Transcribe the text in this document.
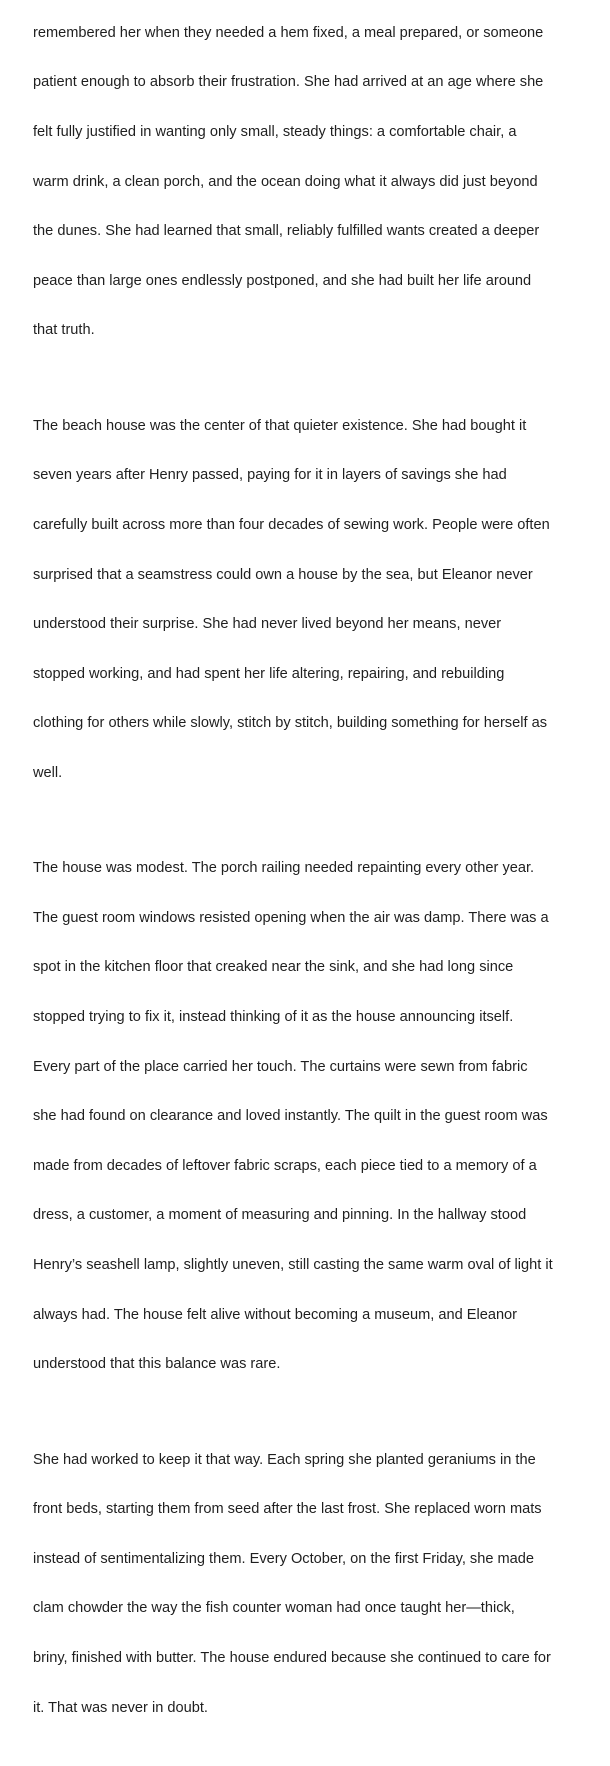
remembered her when they needed a hem fixed, a meal prepared, or someone

patient enough to absorb their frustration. She had arrived at an age where she

felt fully justified in wanting only small, steady things: a comfortable chair, a

warm drink, a clean porch, and the ocean doing what it always did just beyond

the dunes. She had learned that small, reliably fulfilled wants created a deeper

peace than large ones endlessly postponed, and she had built her life around

that truth.

The beach house was the center of that quieter existence. She had bought it

seven years after Henry passed, paying for it in layers of savings she had

carefully built across more than four decades of sewing work. People were often

surprised that a seamstress could own a house by the sea, but Eleanor never

understood their surprise. She had never lived beyond her means, never

stopped working, and had spent her life altering, repairing, and rebuilding

clothing for others while slowly, stitch by stitch, building something for herself as

well.

The house was modest. The porch railing needed repainting every other year.

The guest room windows resisted opening when the air was damp. There was a

spot in the kitchen floor that creaked near the sink, and she had long since

stopped trying to fix it, instead thinking of it as the house announcing itself.

Every part of the place carried her touch. The curtains were sewn from fabric

she had found on clearance and loved instantly. The quilt in the guest room was

made from decades of leftover fabric scraps, each piece tied to a memory of a

dress, a customer, a moment of measuring and pinning. In the hallway stood

Henry’s seashell lamp, slightly uneven, still casting the same warm oval of light it

always had. The house felt alive without becoming a museum, and Eleanor

understood that this balance was rare.

She had worked to keep it that way. Each spring she planted geraniums in the

front beds, starting them from seed after the last frost. She replaced worn mats

instead of sentimentalizing them. Every October, on the first Friday, she made

clam chowder the way the fish counter woman had once taught her—thick,

briny, finished with butter. The house endured because she continued to care for

it. That was never in doubt.
